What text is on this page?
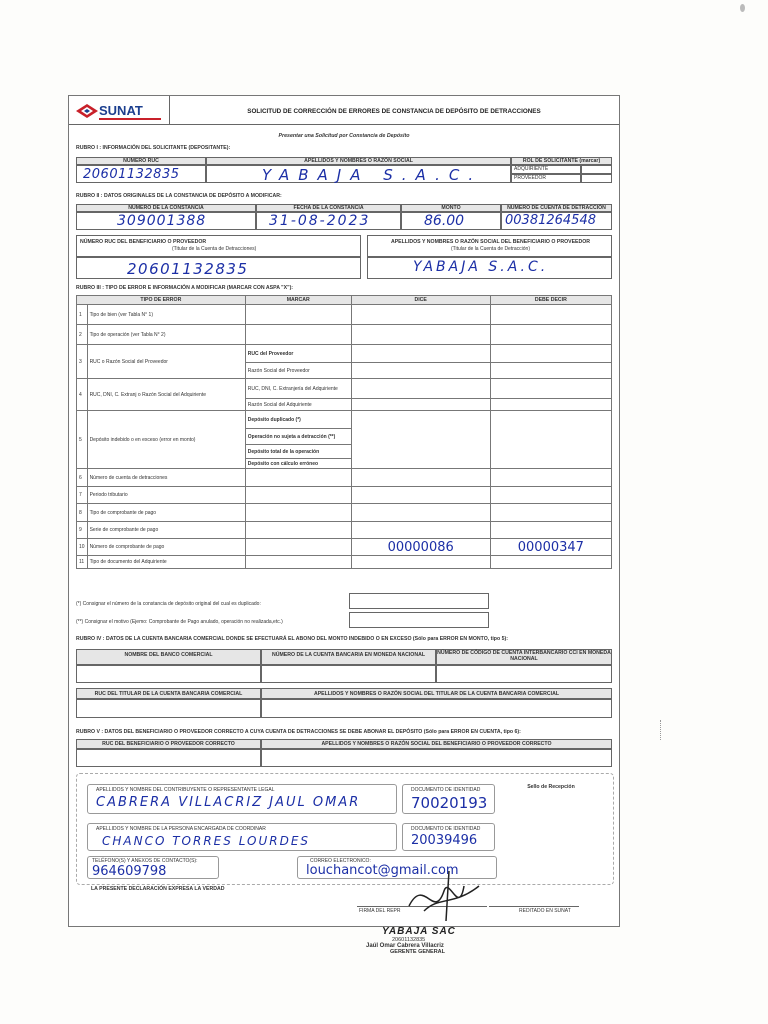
SUNAT	SOLICITUD DE CORRECCIÓN DE ERRORES DE CONSTANCIA DE DEPÓSITO DE DETRACCIONES
Presentar una Solicitud por Constancia de Depósito
RUBRO I : INFORMACIÓN DEL SOLICITANTE (DEPOSITANTE):
NÚMERO RUC	APELLIDOS Y NOMBRES O RAZÓN SOCIAL	ROL DE SOLICITANTE (marcar)
20601132835	YABAJA S.A.C.	ADQUIRIENTE
PROVEEDOR
RUBRO II : DATOS ORIGINALES DE LA CONSTANCIA DE DEPÓSITO A MODIFICAR:
NÚMERO DE LA CONSTANCIA	FECHA DE LA CONSTANCIA	MONTO	NUMERO DE CUENTA DE DETRACCIÓN
309001388	31-08-2023	86.00	00381264548
NÚMERO RUC DEL BENEFICIARIO O PROVEEDOR
(Titular de la Cuenta de Detracciones)
APELLIDOS Y NOMBRES O RAZÓN SOCIAL DEL BENEFICIARIO O PROVEEDOR
(Titular de la Cuenta de Detracción)
20601132835	YABAJA S.A.C.
RUBRO III : TIPO DE ERROR E INFORMACIÓN A MODIFICAR (MARCAR CON ASPA "X"):
TIPO DE ERROR		MARCAR	DICE	DEBE DECIR
1	Tipo de bien (ver Tabla N° 1)			
2	Tipo de operación (ver Tabla N° 2)			
3	RUC o Razón Social del Proveedor	RUC del Proveedor		
		Razón Social del Proveedor		
4	RUC, DNI, C. Extranj o Razón Social del Adquiriente	RUC, DNI, C. Extranjería del Adquiriente		
		Razón Social del Adquiriente		
5	Depósito indebido o en exceso (error en monto)	Depósito duplicado (*)		
		Operación no sujeta a detracción (**)		
		Depósito total de la operación		
		Depósito con cálculo erróneo		
6	Número de cuenta de detracciones			
7	Periodo tributario			
8	Tipo de comprobante de pago			
9	Serie de comprobante de pago			
10	Número de comprobante de pago		00000086	00000347
11	Tipo de documento del Adquiriente			
(*) Consignar el número de la constancia de depósito original del cual es duplicado:
(**) Consignar el motivo (Ejemo: Comprobante de Pago anulado, operación no realizada,etc.)
RUBRO IV : DATOS DE LA CUENTA BANCARIA COMERCIAL DONDE SE EFECTUARÁ EL ABONO DEL MONTO INDEBIDO O EN EXCESO (Sólo para ERROR EN MONTO, tipo 5):
NOMBRE DEL BANCO COMERCIAL	NÚMERO DE LA CUENTA BANCARIA EN MONEDA NACIONAL	NÚMERO DE CÓDIGO DE CUENTA INTERBANCARIO CCI EN MONEDA NACIONAL
RUC DEL TITULAR DE LA CUENTA BANCARIA COMERCIAL	APELLIDOS Y NOMBRES O RAZÓN SOCIAL DEL TITULAR DE LA CUENTA BANCARIA COMERCIAL
RUBRO V : DATOS DEL BENEFICIARIO O PROVEEDOR CORRECTO A CUYA CUENTA DE DETRACCIONES SE DEBE ABONAR EL DEPÓSITO (Sólo para ERROR EN CUENTA, tipo 6):
RUC DEL BENEFICIARIO O PROVEEDOR CORRECTO	APELLIDOS Y NOMBRES O RAZÓN SOCIAL DEL BENEFICIARIO O PROVEEDOR CORRECTO
APELLIDOS Y NOMBRE DEL CONTRIBUYENTE O REPRESENTANTE LEGAL
CABRERA VILLACRIZ JAUL OMAR
DOCUMENTO DE IDENTIDAD
70020193
Sello de Recepción
APELLIDOS Y NOMBRE DE LA PERSONA ENCARGADA DE COORDINAR
CHANCO TORRES LOURDES
DOCUMENTO DE IDENTIDAD
20039496
TELÉFONO(S) Y ANEXOS DE CONTACTO(S):
964609798
CORREO ELECTRONICO:
louchancot@gmail.com
LA PRESENTE DECLARACIÓN EXPRESA LA VERDAD
FIRMA DEL REPR	REDITADO EN SUNAT
YABAJA SAC
20601132835
Jaúl Omar Cabrera Villacriz
GERENTE GENERAL
